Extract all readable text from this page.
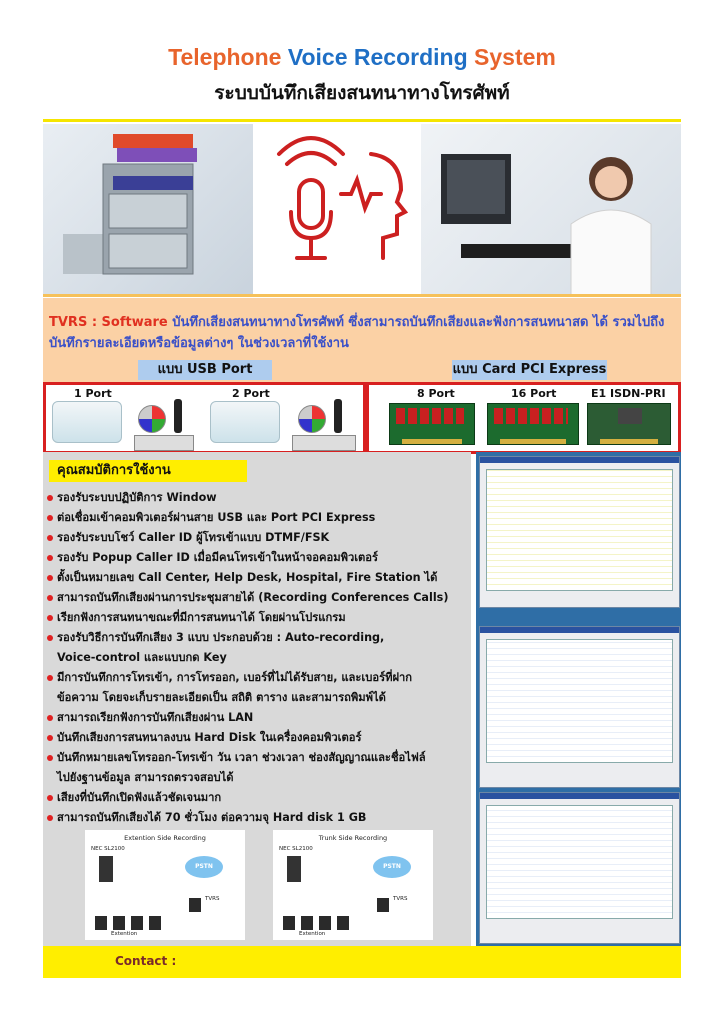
Telephone Voice Recording System
ระบบบันทึกเสียงสนทนาทางโทรศัพท์
TVRS : Software บันทึกเสียงสนทนาทางโทรศัพท์ ซึ่งสามารถบันทึกเสียงและฟังการสนทนาสด ได้ รวมไปถึงบันทึกรายละเอียดหรือข้อมูลต่างๆ ในช่วงเวลาที่ใช้งาน
แบบ USB Port	แบบ Card PCI Express
1 Port	2 Port	8 Port	16 Port	E1 ISDN-PRI
คุณสมบัติการใช้งาน
รองรับระบบปฏิบัติการ Window
ต่อเชื่อมเข้าคอมพิวเตอร์ผ่านสาย USB และ Port PCI Express
รองรับระบบโชว์ Caller ID ผู้โทรเข้าแบบ DTMF/FSK
รองรับ Popup Caller ID เมื่อมีคนโทรเข้าในหน้าจอคอมพิวเตอร์
ตั้งเป็นหมายเลข Call Center, Help Desk, Hospital, Fire Station ได้
สามารถบันทึกเสียงผ่านการประชุมสายได้ (Recording Conferences Calls)
เรียกฟังการสนทนาขณะที่มีการสนทนาได้ โดยผ่านโปรแกรม
รองรับวิธีการบันทึกเสียง 3 แบบ ประกอบด้วย : Auto-recording,
Voice-control และแบบกด Key
มีการบันทึกการโทรเข้า, การโทรออก, เบอร์ที่ไม่ได้รับสาย, และเบอร์ที่ฝาก
ข้อความ โดยจะเก็บรายละเอียดเป็น สถิติ ตาราง และสามารถพิมพ์ได้
สามารถเรียกฟังการบันทึกเสียงผ่าน LAN
บันทึกเสียงการสนทนาลงบน Hard Disk ในเครื่องคอมพิวเตอร์
บันทึกหมายเลขโทรออก-โทรเข้า วัน เวลา ช่วงเวลา ช่องสัญญาณและชื่อไฟล์
ไปยังฐานข้อมูล สามารถตรวจสอบได้
เสียงที่บันทึกเปิดฟังแล้วชัดเจนมาก
สามารถบันทึกเสียงได้ 70 ชั่วโมง ต่อความจุ Hard disk 1 GB
Extention Side Recording
NEC SL2100
PSTN
TVRS
Extention
Trunk Side Recording
NEC SL2100
PSTN
TVRS
Extention
Contact :
